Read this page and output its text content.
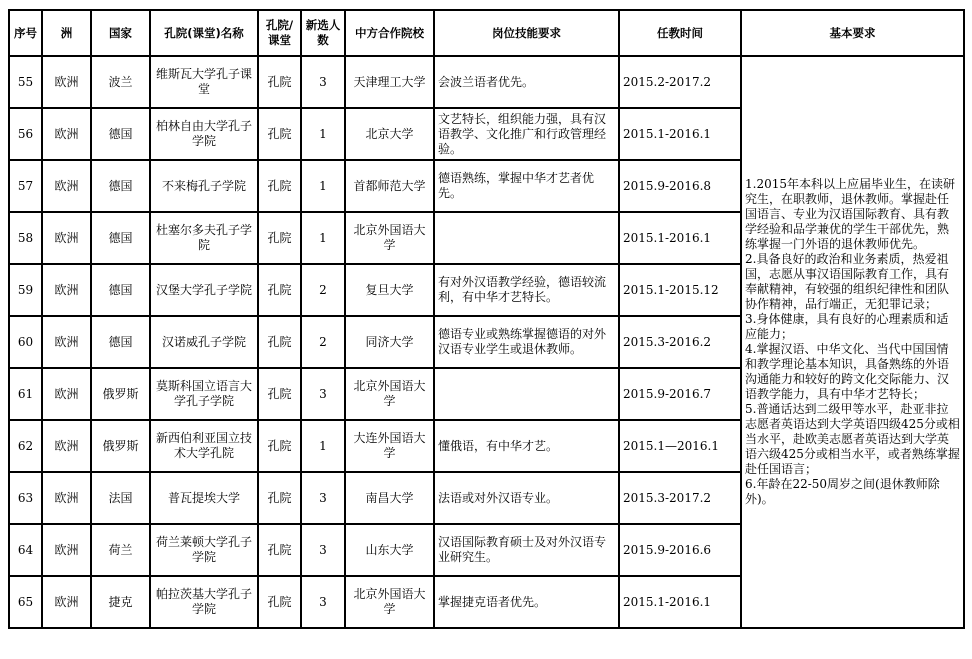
序号	洲	国家	孔院(课堂)名称	孔院/课堂	新选人数	中方合作院校	岗位技能要求	任教时间	基本要求
55	欧洲	波兰	维斯瓦大学孔子课堂	孔院	3	天津理工大学	会波兰语者优先。	2015.2-2017.2	

1.2015年本科以上应届毕业生，在读研究生，在职教师，退休教师。掌握赴任国语言、专业为汉语国际教育、具有教学经验和品学兼优的学生干部优先，熟练掌握一门外语的退休教师优先。

2.具备良好的政治和业务素质，热爱祖国，志愿从事汉语国际教育工作，具有奉献精神，有较强的组织纪律性和团队协作精神，品行端正，无犯罪记录；

3.身体健康，具有良好的心理素质和适应能力；

4.掌握汉语、中华文化、当代中国国情和教学理论基本知识，具备熟练的外语沟通能力和较好的跨文化交际能力、汉语教学能力，具有中华才艺特长；

5.普通话达到二级甲等水平，赴亚非拉志愿者英语达到大学英语四级425分或相当水平，赴欧美志愿者英语达到大学英语六级425分或相当水平，或者熟练掌握赴任国语言；

6.年龄在22-50周岁之间(退休教师除外)。

56	欧洲	德国	柏林自由大学孔子学院	孔院	1	北京大学	文艺特长，组织能力强，具有汉语教学、文化推广和行政管理经验。	2015.1-2016.1	
57	欧洲	德国	不来梅孔子学院	孔院	1	首都师范大学	德语熟练，掌握中华才艺者优先。	2015.9-2016.8	
58	欧洲	德国	杜塞尔多夫孔子学院	孔院	1	北京外国语大学		2015.1-2016.1	
59	欧洲	德国	汉堡大学孔子学院	孔院	2	复旦大学	有对外汉语教学经验，德语较流利，有中华才艺特长。	2015.1-2015.12	
60	欧洲	德国	汉诺威孔子学院	孔院	2	同济大学	德语专业或熟练掌握德语的对外汉语专业学生或退休教师。	2015.3-2016.2	
61	欧洲	俄罗斯	莫斯科国立语言大学孔子学院	孔院	3	北京外国语大学		2015.9-2016.7	
62	欧洲	俄罗斯	新西伯利亚国立技术大学孔院	孔院	1	大连外国语大学	懂俄语，有中华才艺。	2015.1—2016.1	
63	欧洲	法国	普瓦提埃大学	孔院	3	南昌大学	法语或对外汉语专业。	2015.3-2017.2	
64	欧洲	荷兰	荷兰莱顿大学孔子学院	孔院	3	山东大学	汉语国际教育硕士及对外汉语专业研究生。	2015.9-2016.6	
65	欧洲	捷克	帕拉茨基大学孔子学院	孔院	3	北京外国语大学	掌握捷克语者优先。	2015.1-2016.1	
